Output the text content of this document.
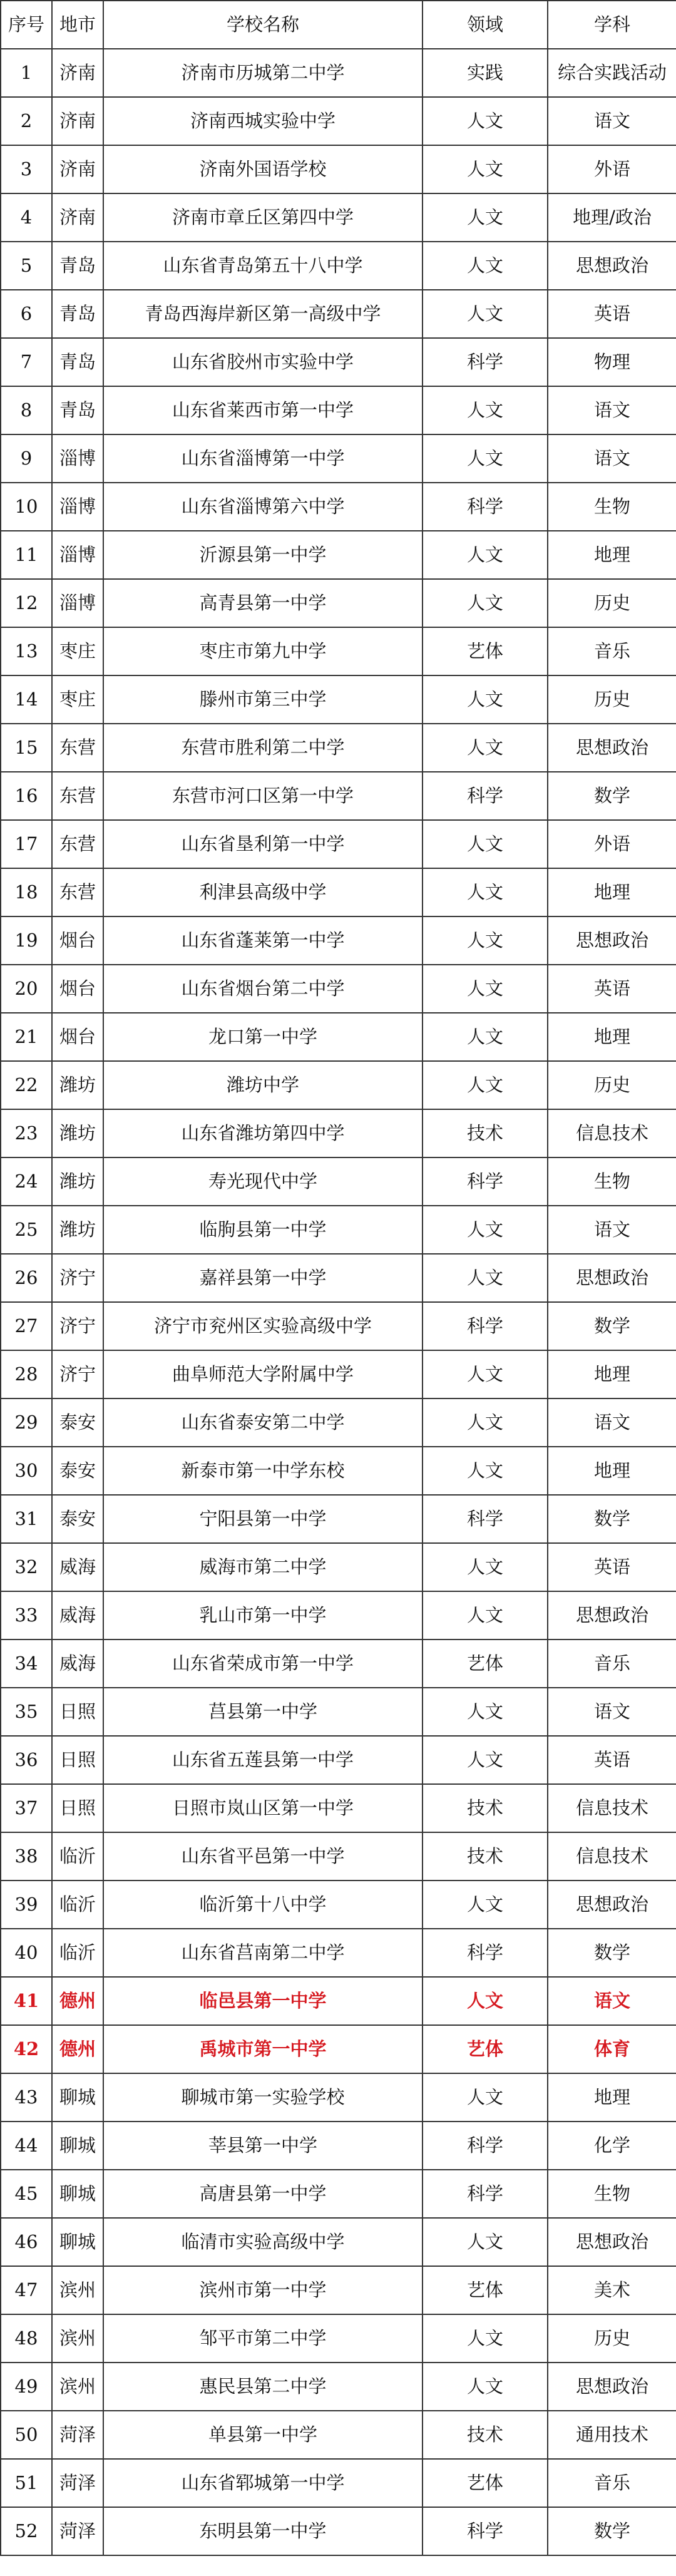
序号	地市	学校名称	领域	学科
1	济南	济南市历城第二中学	实践	综合实践活动
2	济南	济南西城实验中学	人文	语文
3	济南	济南外国语学校	人文	外语
4	济南	济南市章丘区第四中学	人文	地理/政治
5	青岛	山东省青岛第五十八中学	人文	思想政治
6	青岛	青岛西海岸新区第一高级中学	人文	英语
7	青岛	山东省胶州市实验中学	科学	物理
8	青岛	山东省莱西市第一中学	人文	语文
9	淄博	山东省淄博第一中学	人文	语文
10	淄博	山东省淄博第六中学	科学	生物
11	淄博	沂源县第一中学	人文	地理
12	淄博	高青县第一中学	人文	历史
13	枣庄	枣庄市第九中学	艺体	音乐
14	枣庄	滕州市第三中学	人文	历史
15	东营	东营市胜利第二中学	人文	思想政治
16	东营	东营市河口区第一中学	科学	数学
17	东营	山东省垦利第一中学	人文	外语
18	东营	利津县高级中学	人文	地理
19	烟台	山东省蓬莱第一中学	人文	思想政治
20	烟台	山东省烟台第二中学	人文	英语
21	烟台	龙口第一中学	人文	地理
22	潍坊	潍坊中学	人文	历史
23	潍坊	山东省潍坊第四中学	技术	信息技术
24	潍坊	寿光现代中学	科学	生物
25	潍坊	临朐县第一中学	人文	语文
26	济宁	嘉祥县第一中学	人文	思想政治
27	济宁	济宁市兖州区实验高级中学	科学	数学
28	济宁	曲阜师范大学附属中学	人文	地理
29	泰安	山东省泰安第二中学	人文	语文
30	泰安	新泰市第一中学东校	人文	地理
31	泰安	宁阳县第一中学	科学	数学
32	威海	威海市第二中学	人文	英语
33	威海	乳山市第一中学	人文	思想政治
34	威海	山东省荣成市第一中学	艺体	音乐
35	日照	莒县第一中学	人文	语文
36	日照	山东省五莲县第一中学	人文	英语
37	日照	日照市岚山区第一中学	技术	信息技术
38	临沂	山东省平邑第一中学	技术	信息技术
39	临沂	临沂第十八中学	人文	思想政治
40	临沂	山东省莒南第二中学	科学	数学
41	德州	临邑县第一中学	人文	语文
42	德州	禹城市第一中学	艺体	体育
43	聊城	聊城市第一实验学校	人文	地理
44	聊城	莘县第一中学	科学	化学
45	聊城	高唐县第一中学	科学	生物
46	聊城	临清市实验高级中学	人文	思想政治
47	滨州	滨州市第一中学	艺体	美术
48	滨州	邹平市第二中学	人文	历史
49	滨州	惠民县第二中学	人文	思想政治
50	菏泽	单县第一中学	技术	通用技术
51	菏泽	山东省郓城第一中学	艺体	音乐
52	菏泽	东明县第一中学	科学	数学
